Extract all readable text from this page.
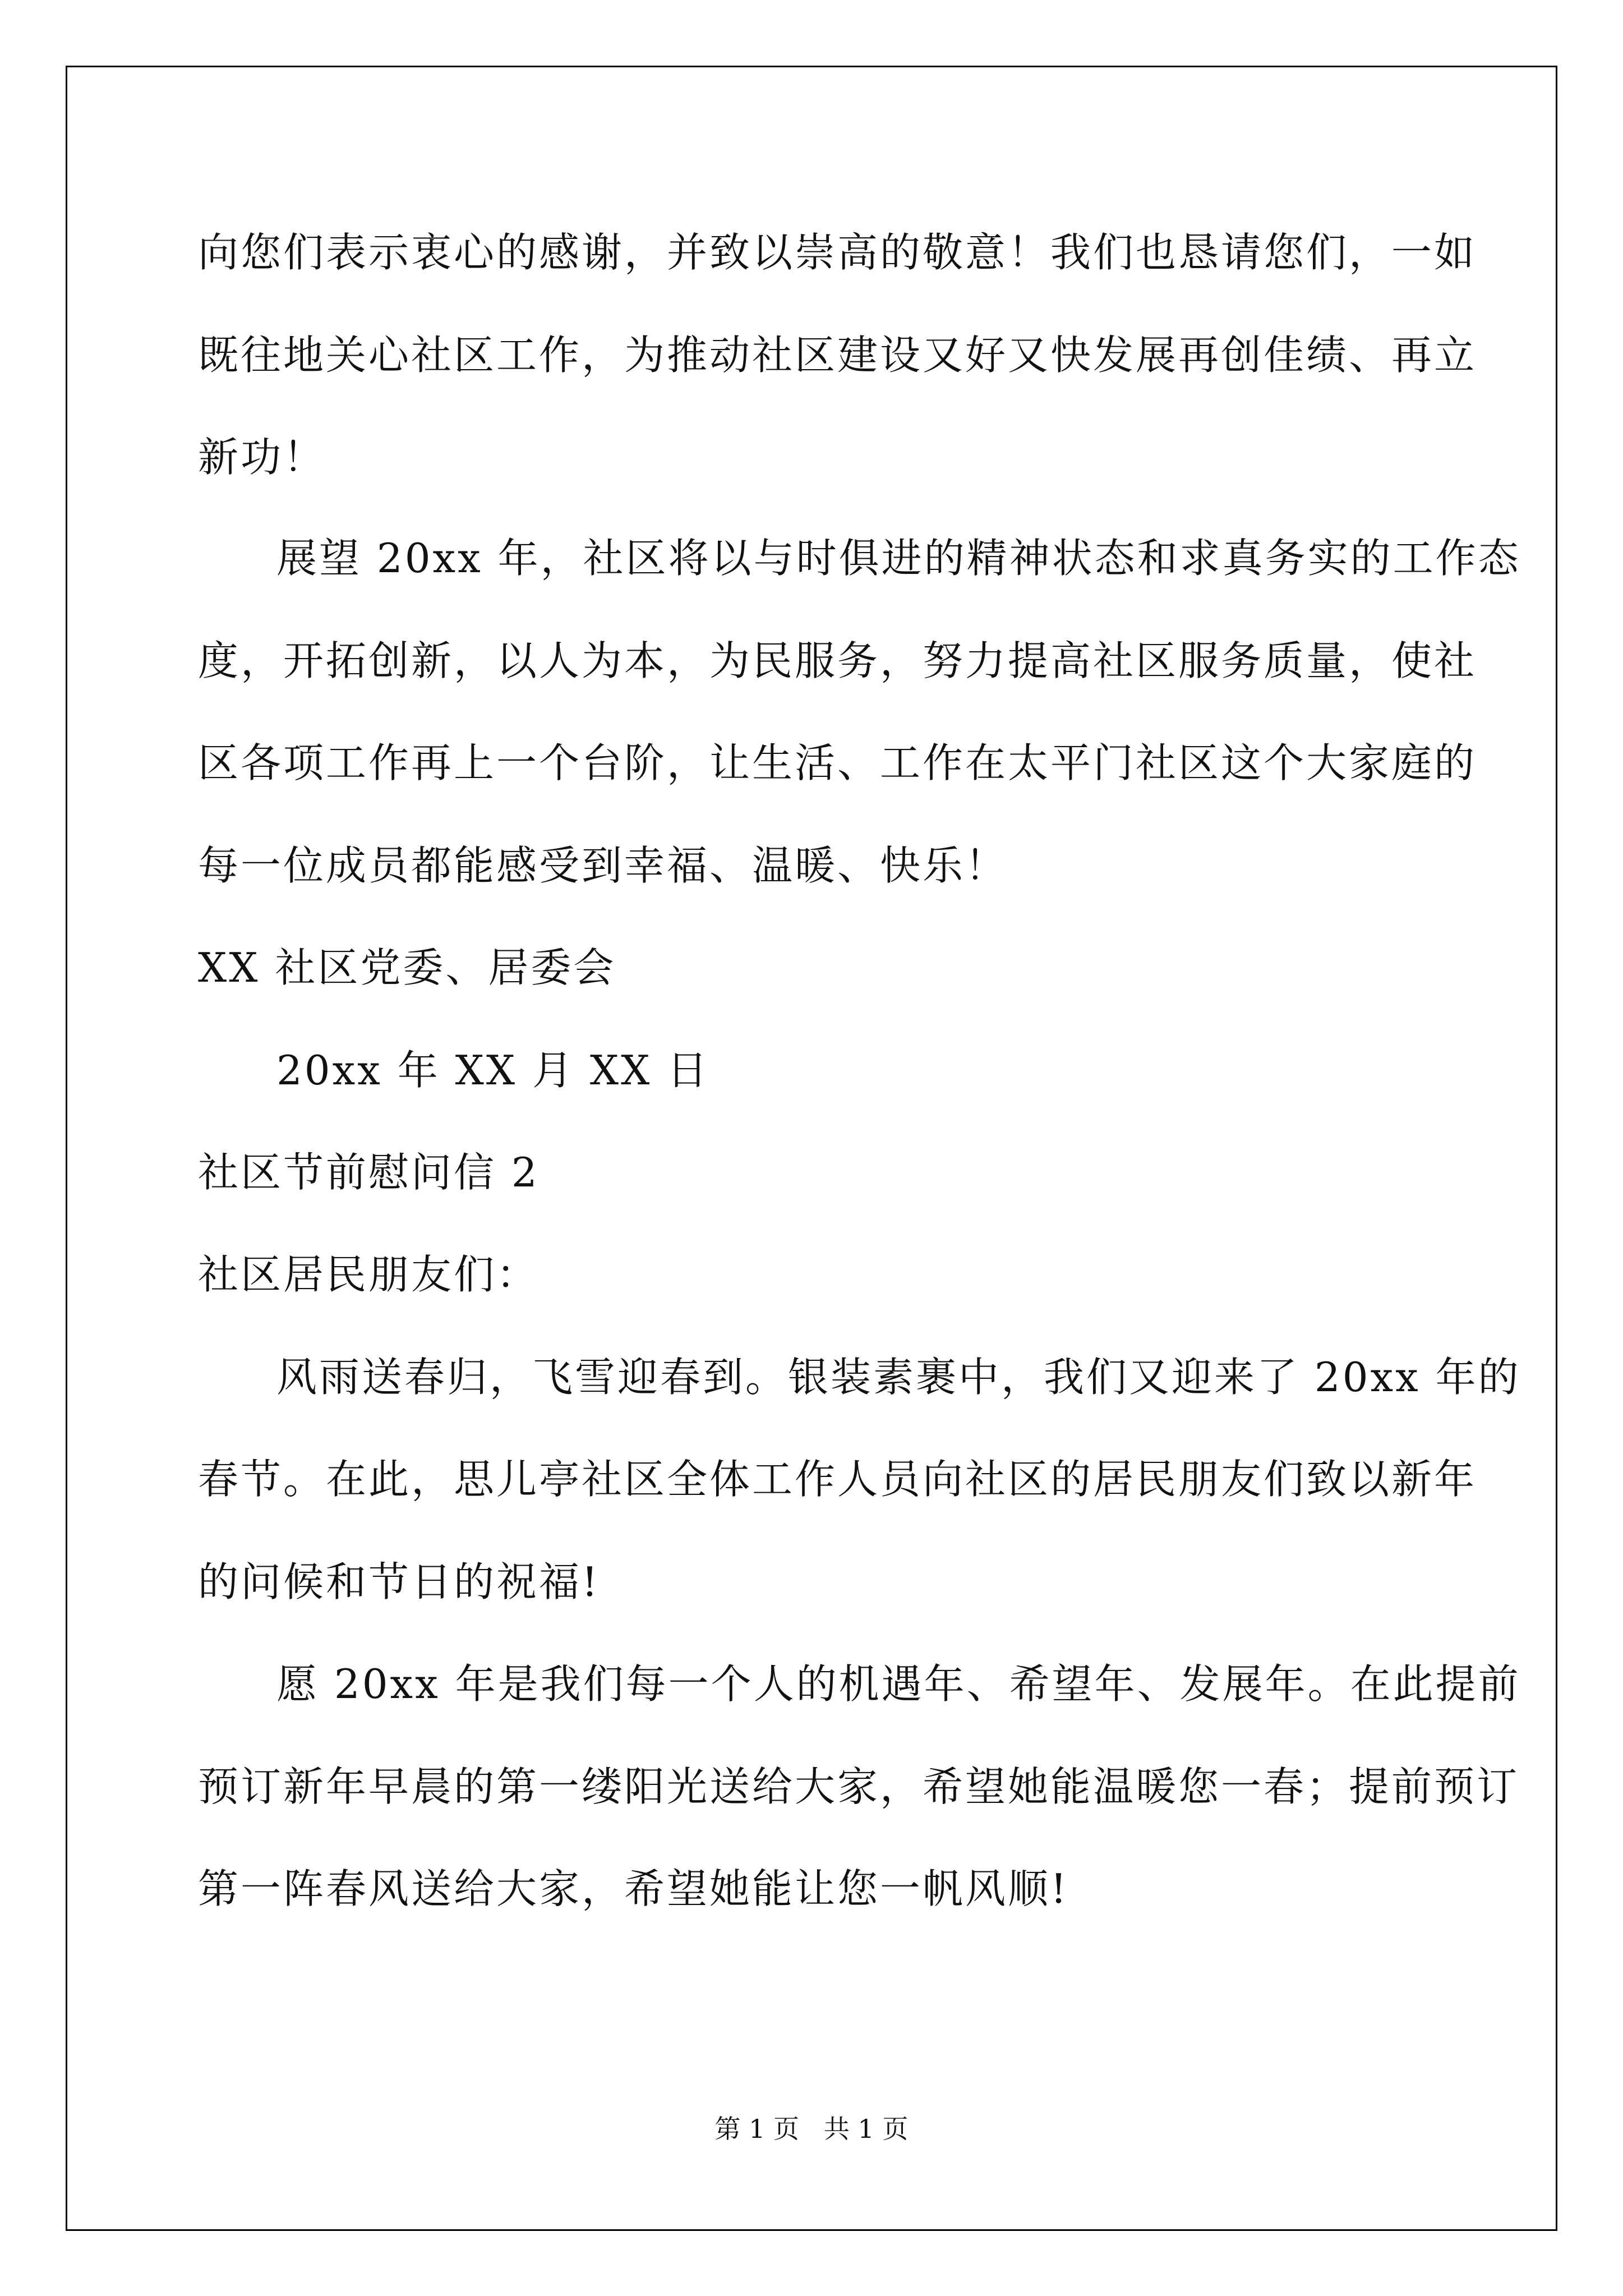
向您们表示衷心的感谢，并致以崇高的敬意！我们也恳请您们，一如
既往地关心社区工作，为推动社区建设又好又快发展再创佳绩、再立
新功！
展望 20xx 年，社区将以与时俱进的精神状态和求真务实的工作态
度，开拓创新，以人为本，为民服务，努力提高社区服务质量，使社
区各项工作再上一个台阶，让生活、工作在太平门社区这个大家庭的
每一位成员都能感受到幸福、温暖、快乐！
XX 社区党委、居委会
20xx 年 XX 月 XX 日
社区节前慰问信 2
社区居民朋友们：
风雨送春归，飞雪迎春到。银装素裹中，我们又迎来了 20xx 年的
春节。在此，思儿亭社区全体工作人员向社区的居民朋友们致以新年
的问候和节日的祝福!
愿 20xx 年是我们每一个人的机遇年、希望年、发展年。在此提前
预订新年早晨的第一缕阳光送给大家，希望她能温暖您一春；提前预订
第一阵春风送给大家，希望她能让您一帆风顺!
第 1 页   共 1 页
